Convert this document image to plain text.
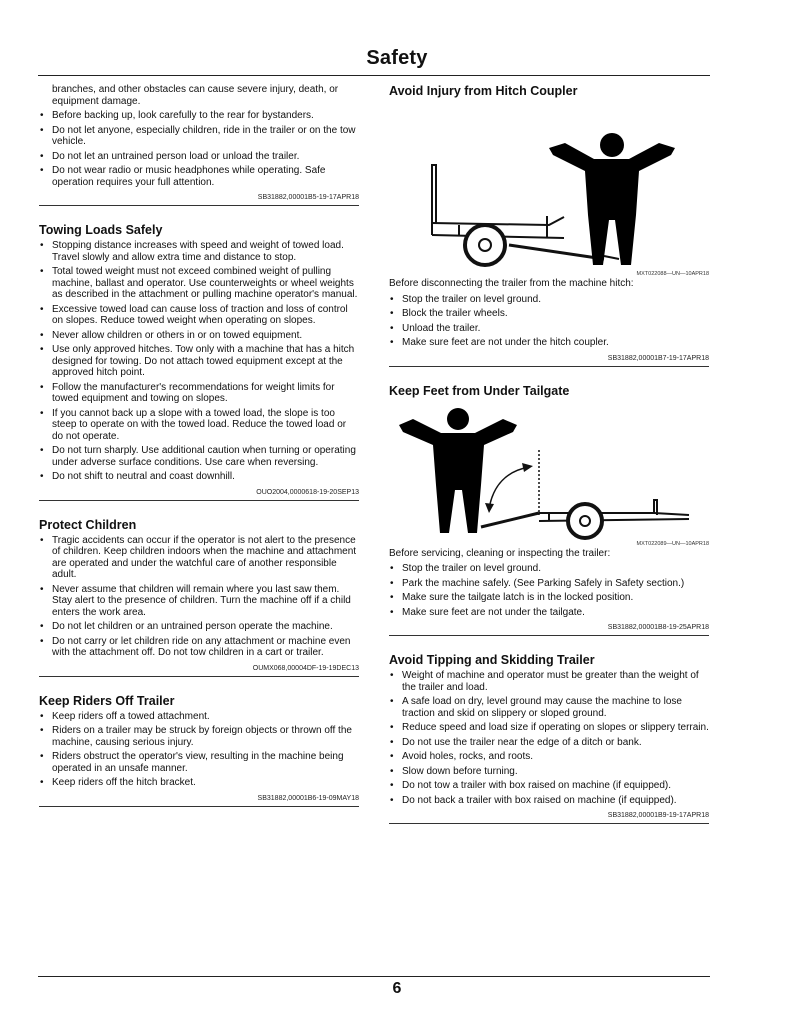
Safety
branches, and other obstacles can cause severe injury, death, or equipment damage.
• Before backing up, look carefully to the rear for bystanders.
• Do not let anyone, especially children, ride in the trailer or on the tow vehicle.
• Do not let an untrained person load or unload the trailer.
• Do not wear radio or music headphones while operating. Safe operation requires your full attention.
SB31882,00001B5-19-17APR18
Towing Loads Safely
• Stopping distance increases with speed and weight of towed load. Travel slowly and allow extra time and distance to stop.
• Total towed weight must not exceed combined weight of pulling machine, ballast and operator. Use counterweights or wheel weights as described in the attachment or pulling machine operator's manual.
• Excessive towed load can cause loss of traction and loss of control on slopes. Reduce towed weight when operating on slopes.
• Never allow children or others in or on towed equipment.
• Use only approved hitches. Tow only with a machine that has a hitch designed for towing. Do not attach towed equipment except at the approved hitch point.
• Follow the manufacturer's recommendations for weight limits for towed equipment and towing on slopes.
• If you cannot back up a slope with a towed load, the slope is too steep to operate on with the towed load. Reduce the towed load or do not operate.
• Do not turn sharply. Use additional caution when turning or operating under adverse surface conditions. Use care when reversing.
• Do not shift to neutral and coast downhill.
OUO2004,0000618-19-20SEP13
Protect Children
• Tragic accidents can occur if the operator is not alert to the presence of children. Keep children indoors when the machine and attachment are operated and under the watchful care of another responsible adult.
• Never assume that children will remain where you last saw them. Stay alert to the presence of children. Turn the machine off if a child enters the work area.
• Do not let children or an untrained person operate the machine.
• Do not carry or let children ride on any attachment or machine even with the attachment off. Do not tow children in a cart or trailer.
OUMX068,00004DF-19-19DEC13
Keep Riders Off Trailer
• Keep riders off a towed attachment.
• Riders on a trailer may be struck by foreign objects or thrown off the machine, causing serious injury.
• Riders obstruct the operator's view, resulting in the machine being operated in an unsafe manner.
• Keep riders off the hitch bracket.
SB31882,00001B6-19-09MAY18
Avoid Injury from Hitch Coupler
MXT022088—UN—10APR18
Before disconnecting the trailer from the machine hitch:
• Stop the trailer on level ground.
• Block the trailer wheels.
• Unload the trailer.
• Make sure feet are not under the hitch coupler.
SB31882,00001B7-19-17APR18
Keep Feet from Under Tailgate
MXT022089—UN—10APR18
Before servicing, cleaning or inspecting the trailer:
• Stop the trailer on level ground.
• Park the machine safely. (See Parking Safely in Safety section.)
• Make sure the tailgate latch is in the locked position.
• Make sure feet are not under the tailgate.
SB31882,00001B8-19-25APR18
Avoid Tipping and Skidding Trailer
• Weight of machine and operator must be greater than the weight of the trailer and load.
• A safe load on dry, level ground may cause the machine to lose traction and skid on slippery or sloped ground.
• Reduce speed and load size if operating on slopes or slippery terrain.
• Do not use the trailer near the edge of a ditch or bank.
• Avoid holes, rocks, and roots.
• Slow down before turning.
• Do not tow a trailer with box raised on machine (if equipped).
• Do not back a trailer with box raised on machine (if equipped).
SB31882,00001B9-19-17APR18
6
